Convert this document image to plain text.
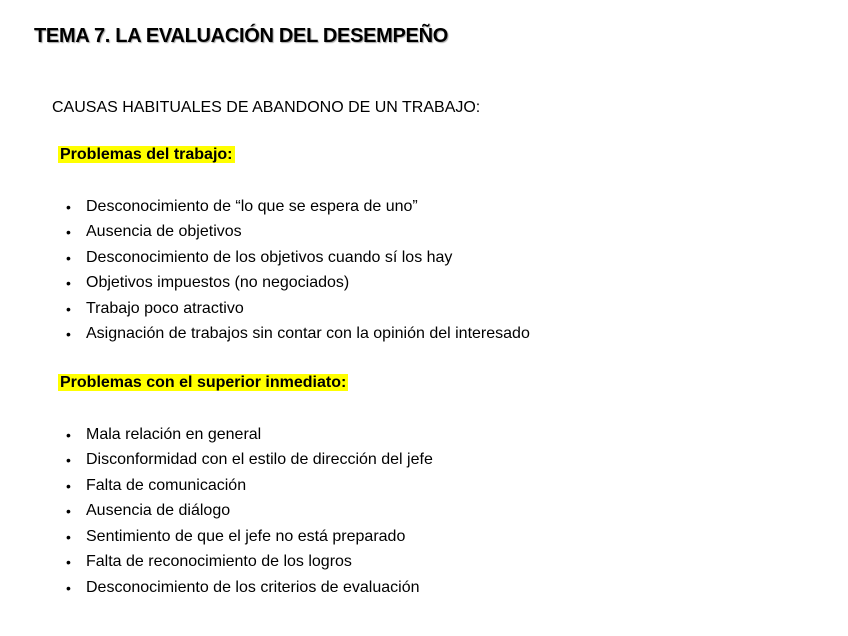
TEMA 7. LA EVALUACIÓN DEL DESEMPEÑO
CAUSAS HABITUALES DE ABANDONO DE UN TRABAJO:
Problemas del trabajo:
• Desconocimiento de “lo que se espera de uno”
• Ausencia de objetivos
• Desconocimiento de los objetivos cuando sí los hay
• Objetivos impuestos (no negociados)
• Trabajo poco atractivo
• Asignación de trabajos sin contar con la opinión del interesado
Problemas con el superior inmediato:
• Mala relación en general
• Disconformidad con el estilo de dirección del jefe
• Falta de comunicación
• Ausencia de diálogo
• Sentimiento de que el jefe no está preparado
• Falta de reconocimiento de los logros
• Desconocimiento de los criterios de evaluación
